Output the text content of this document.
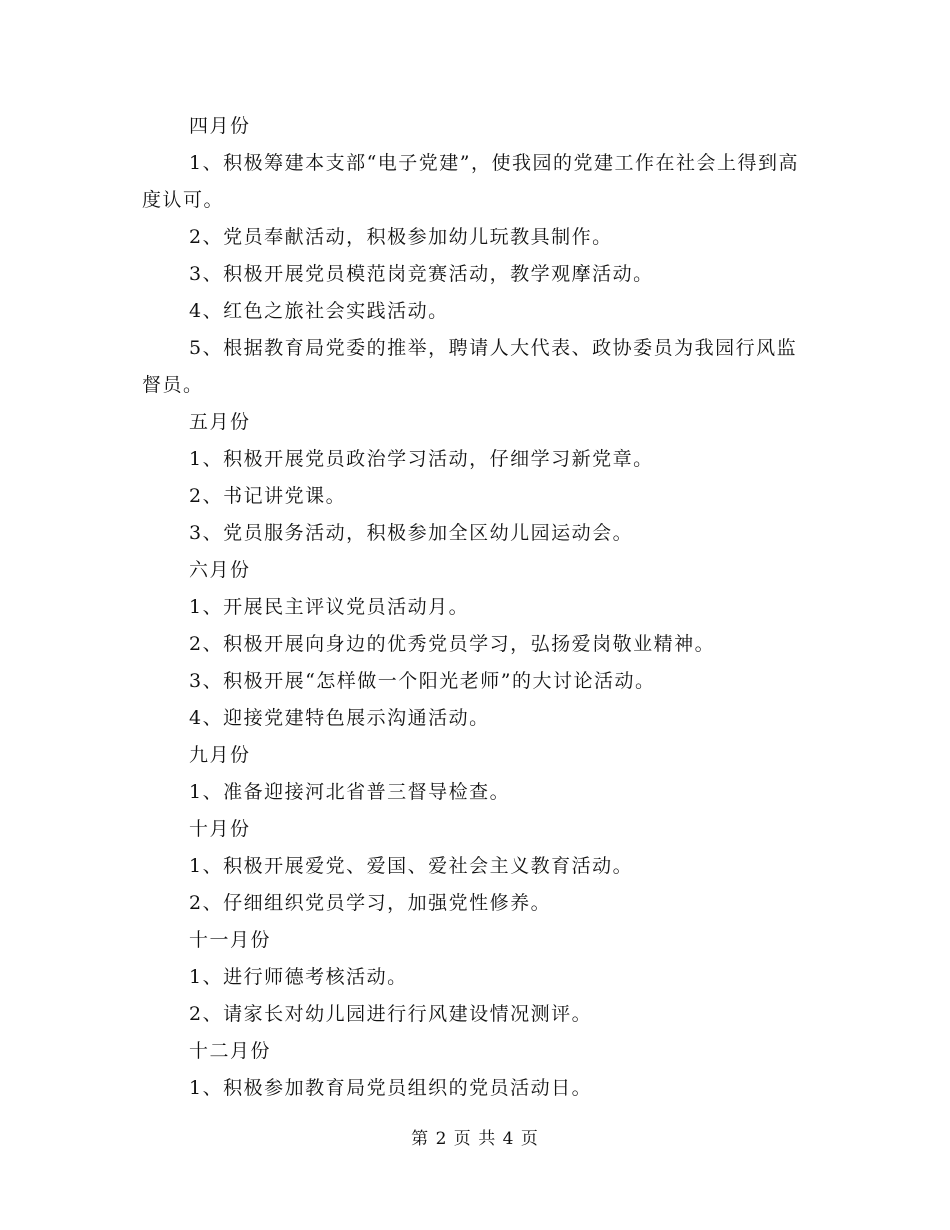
四月份

1、积极筹建本支部“电子党建”，使我园的党建工作在社会上得到高度认可。

2、党员奉献活动，积极参加幼儿玩教具制作。

3、积极开展党员模范岗竞赛活动，教学观摩活动。

4、红色之旅社会实践活动。

5、根据教育局党委的推举，聘请人大代表、政协委员为我园行风监督员。

五月份

1、积极开展党员政治学习活动，仔细学习新党章。

2、书记讲党课。

3、党员服务活动，积极参加全区幼儿园运动会。

六月份

1、开展民主评议党员活动月。

2、积极开展向身边的优秀党员学习，弘扬爱岗敬业精神。

3、积极开展“怎样做一个阳光老师”的大讨论活动。

4、迎接党建特色展示沟通活动。

九月份

1、准备迎接河北省普三督导检查。

十月份

1、积极开展爱党、爱国、爱社会主义教育活动。

2、仔细组织党员学习，加强党性修养。

十一月份

1、进行师德考核活动。

2、请家长对幼儿园进行行风建设情况测评。

十二月份

1、积极参加教育局党员组织的党员活动日。

第 2 页 共 4 页
